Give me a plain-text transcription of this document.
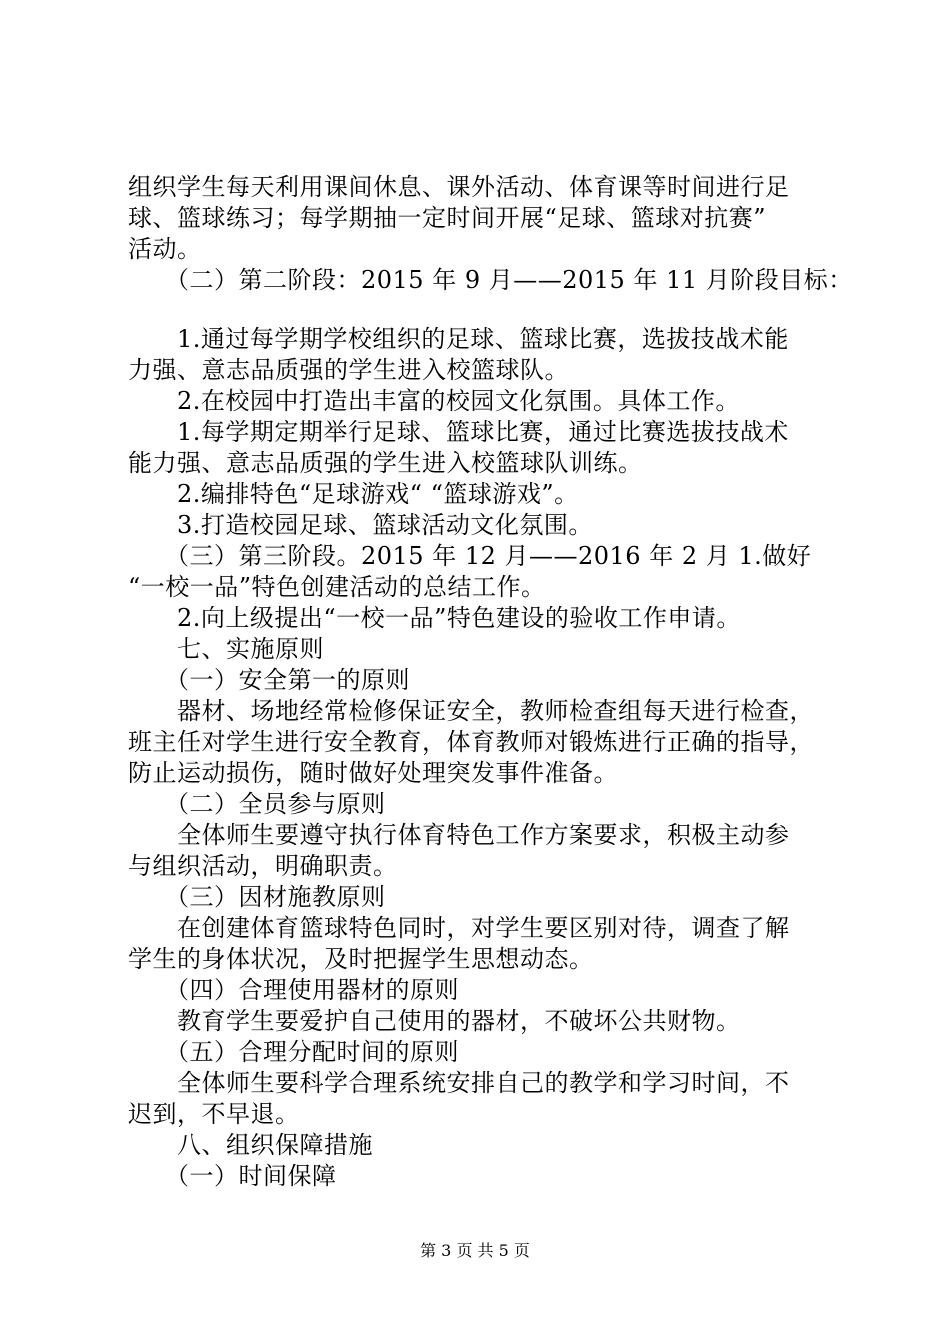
组织学生每天利用课间休息、课外活动、体育课等时间进行足
球、篮球练习；每学期抽一定时间开展“足球、篮球对抗赛”
活动。
　　（二）第二阶段：2015 年 9 月——2015 年 11 月阶段目标：
　　1.通过每学期学校组织的足球、篮球比赛，选拔技战术能
力强、意志品质强的学生进入校篮球队。
　　2.在校园中打造出丰富的校园文化氛围。具体工作。
　　1.每学期定期举行足球、篮球比赛，通过比赛选拔技战术
能力强、意志品质强的学生进入校篮球队训练。
　　2.编排特色“足球游戏“ “篮球游戏”。
　　3.打造校园足球、篮球活动文化氛围。
　　（三）第三阶段。2015 年 12 月——2016 年 2 月 1.做好
“一校一品”特色创建活动的总结工作。
　　2.向上级提出“一校一品”特色建设的验收工作申请。
　　七、实施原则
　　（一）安全第一的原则
　　器材、场地经常检修保证安全，教师检查组每天进行检查，
班主任对学生进行安全教育，体育教师对锻炼进行正确的指导，
防止运动损伤，随时做好处理突发事件准备。
　　（二）全员参与原则
　　全体师生要遵守执行体育特色工作方案要求，积极主动参
与组织活动，明确职责。
　　（三）因材施教原则
　　在创建体育篮球特色同时，对学生要区别对待，调查了解
学生的身体状况，及时把握学生思想动态。
　　（四）合理使用器材的原则
　　教育学生要爱护自己使用的器材，不破坏公共财物。
　　（五）合理分配时间的原则
　　全体师生要科学合理系统安排自己的教学和学习时间，不
迟到，不早退。
　　八、组织保障措施
　　（一）时间保障
第 3 页 共 5 页
